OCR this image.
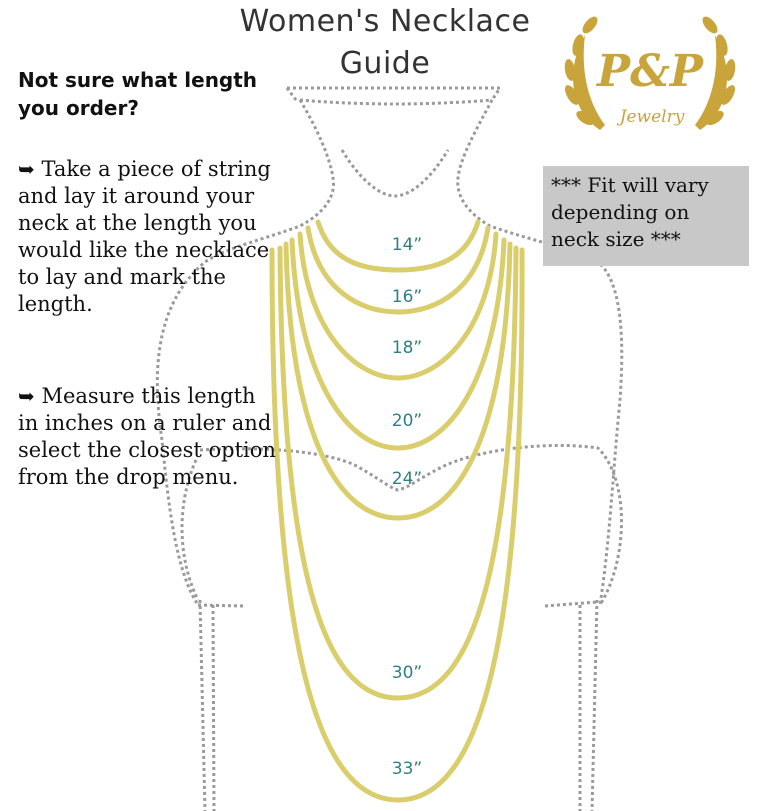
14”
16”
18”
20”
24”
30”
33”
P&P
Jewelry
Women's Necklace
Guide
Not sure what length you order?
➥ Take a piece of string and lay it around your neck at the length you would like the necklace to lay and mark the length.
➥ Measure this length in inches on a ruler and select the closest option from the drop menu.
*** Fit will vary depending on neck size ***
